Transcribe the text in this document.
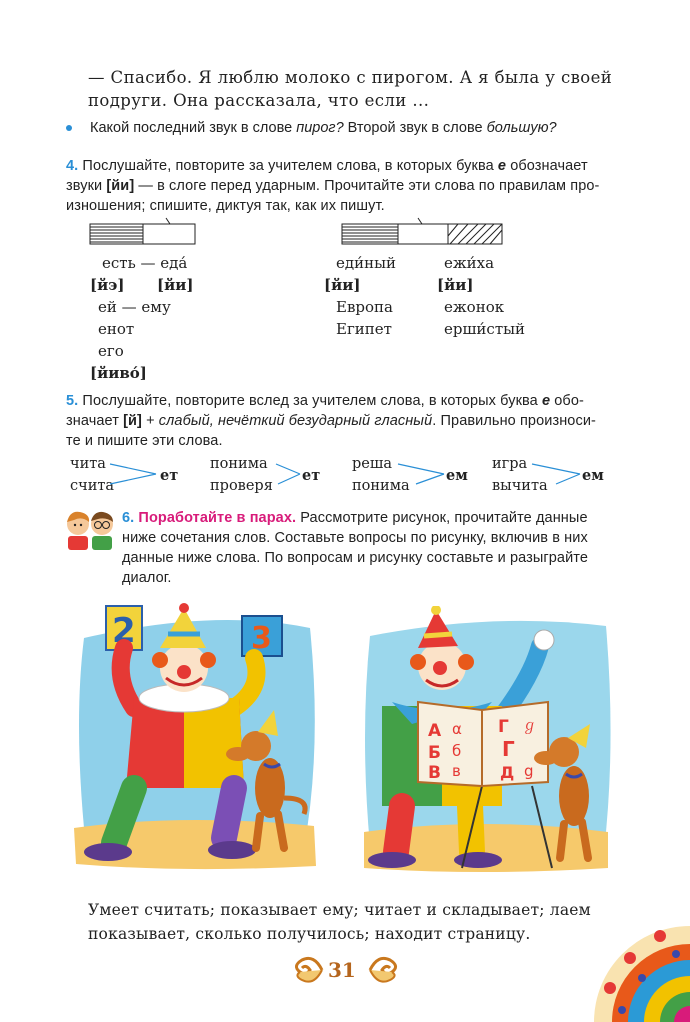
— Спасибо. Я люблю молоко с пирогом. А я была у своей

подруги. Она рассказала, что если ...

Какой последний звук в слове пирог? Второй звук в слове большую?

4. Послушайте, повторите за учителем слова, в которых буква е обозначает

звуки [йи] — в слоге перед ударным. Прочитайте эти слова по правилам про-

изношения; спишите, диктуя так, как их пишут.

есть — еда́
[йэ] [йи]
ей — ему
енот
его
[йиво́]
еди́ный	ежи́ха
[йи]	[йи]
Европа	ежонок
Египет	ерши́стый

5. Послушайте, повторите вслед за учителем слова, в которых буква е обо-

значает [й] + слабый, нечёткий безударный гласный. Правильно произноси-

те и пишите эти слова.

чита
счита
ет
понима
проверя
ет
реша
понима
ем
игра
вычита
ем

6. Поработайте в парах. Рассмотрите рисунок, прочитайте данные

ниже сочетания слов. Составьте вопросы по рисунку, включив в них

данные ниже слова. По вопросам и рисунку составьте и разыграйте

диалог.

2	3
А α
Б б
В в
Г ℊ
Г
Д g

Умеет считать; показывает ему; читает и складывает; лаем

показывает, сколько получилось; находит страницу.

31
